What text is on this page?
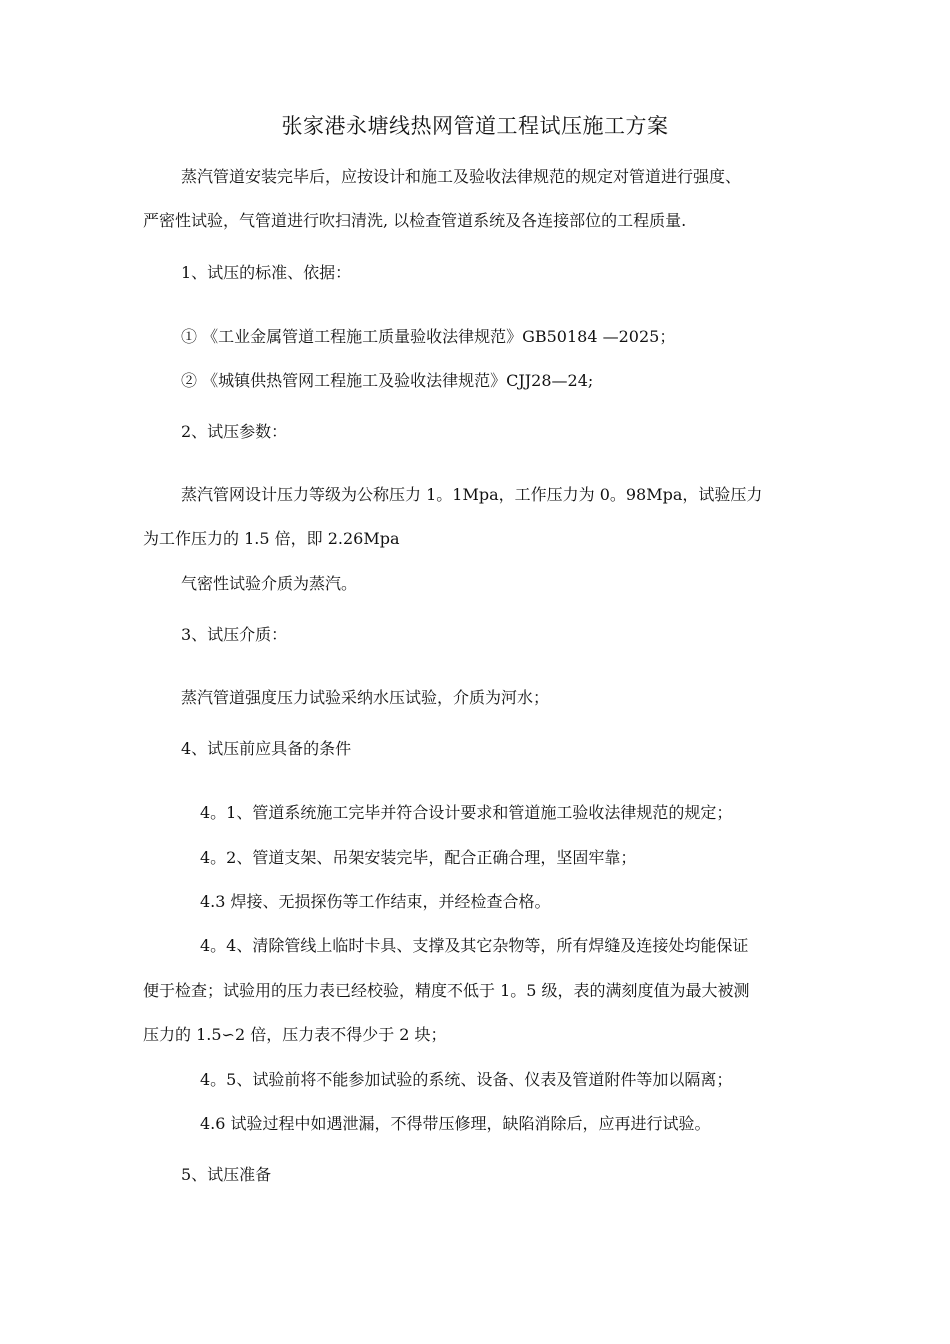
张家港永塘线热网管道工程试压施工方案
蒸汽管道安装完毕后，应按设计和施工及验收法律规范的规定对管道进行强度、
严密性试验，气管道进行吹扫清洗, 以检查管道系统及各连接部位的工程质量.
1、试压的标准、依据：
① 《工业金属管道工程施工质量验收法律规范》GB50184 —2025；
② 《城镇供热管网工程施工及验收法律规范》CJJ28—24;
2、试压参数：
蒸汽管网设计压力等级为公称压力 1。1Mpa，工作压力为 0。98Mpa，试验压力
为工作压力的 1.5 倍，即 2.26Mpa
气密性试验介质为蒸汽。
3、试压介质：
蒸汽管道强度压力试验采纳水压试验，介质为河水；
4、试压前应具备的条件
4。1、管道系统施工完毕并符合设计要求和管道施工验收法律规范的规定；
4。2、管道支架、吊架安装完毕，配合正确合理，坚固牢靠；
4.3 焊接、无损探伤等工作结束，并经检查合格。
4。4、清除管线上临时卡具、支撑及其它杂物等，所有焊缝及连接处均能保证
便于检查；试验用的压力表已经校验，精度不低于 1。5 级，表的满刻度值为最大被测
压力的 1.5∽2 倍，压力表不得少于 2 块；
4。5、试验前将不能参加试验的系统、设备、仪表及管道附件等加以隔离；
4.6 试验过程中如遇泄漏，不得带压修理，缺陷消除后，应再进行试验。
5、试压准备
